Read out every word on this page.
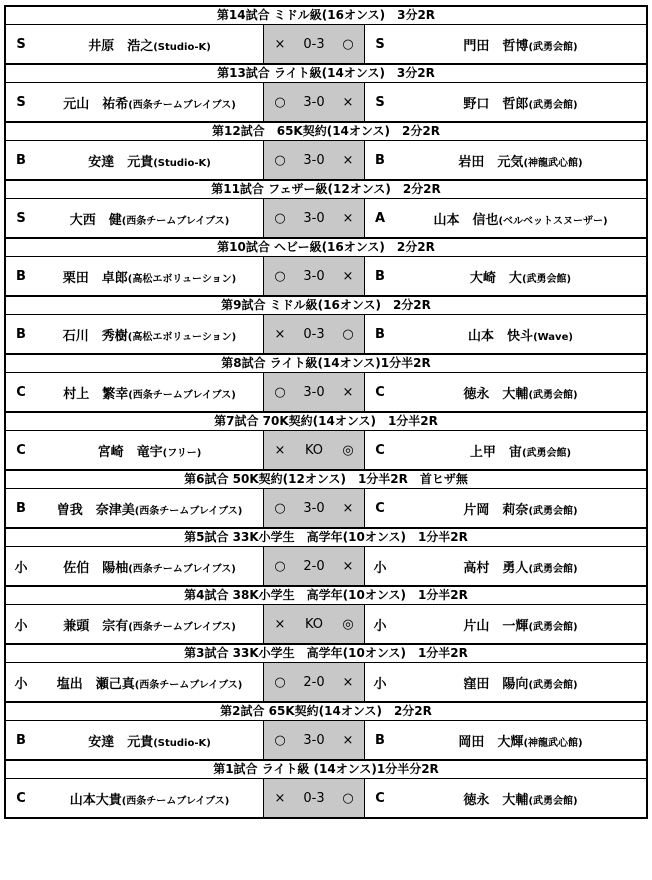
第14試合 ミドル級(16オンス)　3分2R
S	井原　浩之(Studio-K)	× 0-3 ○	S	門田　哲博(武勇会館)
第13試合 ライト級(14オンス)　3分2R
S	元山　祐希(西条チームブレイブス)	○ 3-0 ×	S	野口　哲郎(武勇会館)
第12試合　65K契約(14オンス)　2分2R
B	安達　元貴(Studio-K)	○ 3-0 ×	B	岩田　元気(神龍武心館)
第11試合 フェザー級(12オンス)　2分2R
S	大西　健(西条チームブレイブス)	○ 3-0 ×	A	山本　信也(ベルベットスヌーザー)
第10試合 ヘビー級(16オンス)　2分2R
B	栗田　卓郎(高松エボリューション)	○ 3-0 ×	B	大崎　大(武勇会館)
第9試合 ミドル級(16オンス)　2分2R
B	石川　秀樹(高松エボリューション)	× 0-3 ○	B	山本　快斗(Wave)
第8試合 ライト級(14オンス)1分半2R
C	村上　繁幸(西条チームブレイブス)	○ 3-0 ×	C	徳永　大輔(武勇会館)
第7試合 70K契約(14オンス)　1分半2R
C	宮崎　竜宇(フリー)	× KO ◎	C	上甲　宙(武勇会館)
第6試合 50K契約(12オンス)　1分半2R　首ヒザ無
B	曽我　奈津美(西条チームブレイブス)	○ 3-0 ×	C	片岡　莉奈(武勇会館)
第5試合 33K小学生　高学年(10オンス)　1分半2R
小	佐伯　陽柚(西条チームブレイブス)	○ 2-0 ×	小	高村　勇人(武勇会館)
第4試合 38K小学生　高学年(10オンス)　1分半2R
小	兼頭　宗有(西条チームブレイブス)	× KO ◎	小	片山　一輝(武勇会館)
第3試合 33K小学生　高学年(10オンス)　1分半2R
小	塩出　瀬己真(西条チームブレイブス)	○ 2-0 ×	小	窪田　陽向(武勇会館)
第2試合 65K契約(14オンス)　2分2R
B	安達　元貴(Studio-K)	○ 3-0 ×	B	岡田　大輝(神龍武心館)
第1試合 ライト級 (14オンス)1分半分2R
C	山本大貴(西条チームブレイブス)	× 0-3 ○	C	徳永　大輔(武勇会館)
